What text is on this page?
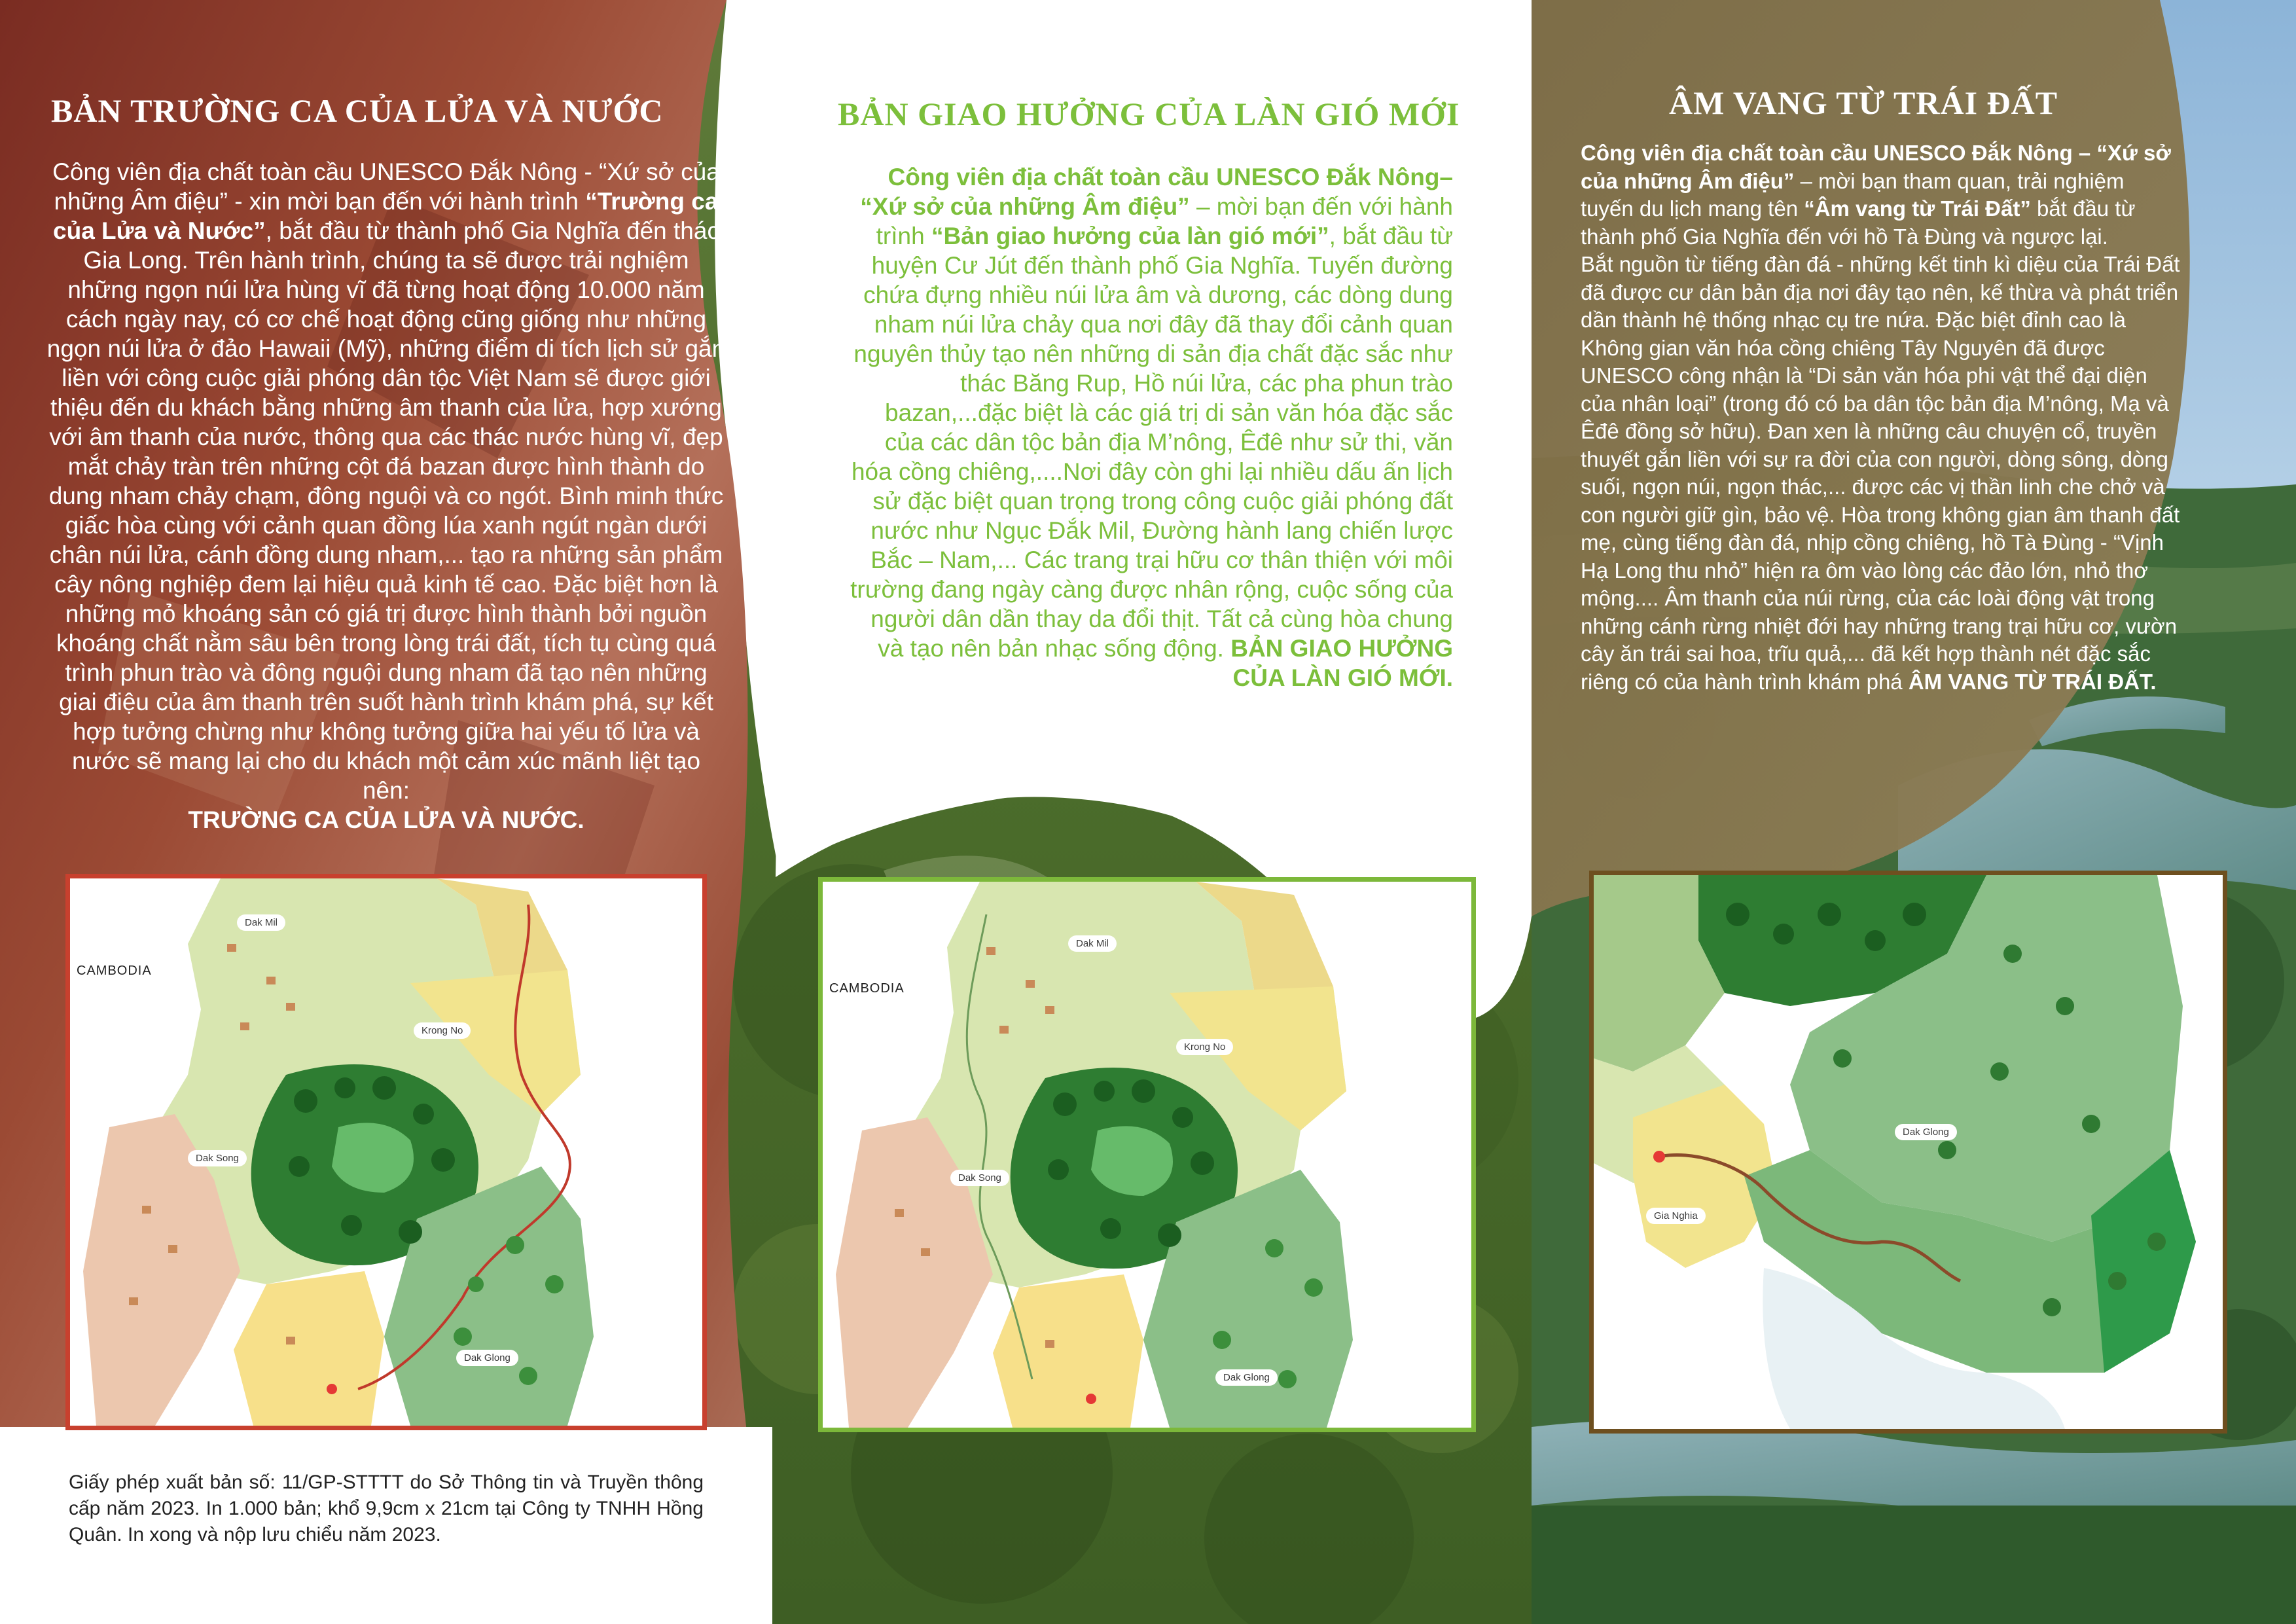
BẢN TRƯỜNG CA CỦA LỬA VÀ NƯỚC
Công viên địa chất toàn cầu UNESCO Đắk Nông - “Xứ sở của những Âm điệu” - xin mời bạn đến với hành trình “Trường ca của Lửa và Nước”, bắt đầu từ thành phố Gia Nghĩa đến thác Gia Long. Trên hành trình, chúng ta sẽ được trải nghiệm những ngọn núi lửa hùng vĩ đã từng hoạt động 10.000 năm cách ngày nay, có cơ chế hoạt động cũng giống như những ngọn núi lửa ở đảo Hawaii (Mỹ), những điểm di tích lịch sử gắn liền với công cuộc giải phóng dân tộc Việt Nam sẽ được giới thiệu đến du khách bằng những âm thanh của lửa, hợp xướng với âm thanh của nước, thông qua các thác nước hùng vĩ, đẹp mắt chảy tràn trên những cột đá bazan được hình thành do dung nham chảy chạm, đông nguội và co ngót. Bình minh thức giấc hòa cùng với cảnh quan đồng lúa xanh ngút ngàn dưới chân núi lửa, cánh đồng dung nham,... tạo ra những sản phẩm cây nông nghiệp đem lại hiệu quả kinh tế cao. Đặc biệt hơn là những mỏ khoáng sản có giá trị được hình thành bởi nguồn khoáng chất nằm sâu bên trong lòng trái đất, tích tụ cùng quá trình phun trào và đông nguội dung nham đã tạo nên những giai điệu của âm thanh trên suốt hành trình khám phá, sự kết hợp tưởng chừng như không tưởng giữa hai yếu tố lửa và nước sẽ mang lại cho du khách một cảm xúc mãnh liệt tạo nên:
TRƯỜNG CA CỦA LỬA VÀ NƯỚC.
CAMBODIA
Dak Mil
Krong No
Dak Song
Dak Glong
Giấy phép xuất bản số: 11/GP-STTTT do Sở Thông tin và Truyền thông cấp năm 2023. In 1.000 bản; khổ 9,9cm x 21cm tại Công ty TNHH Hồng Quân. In xong và nộp lưu chiểu năm 2023.
BẢN GIAO HƯỞNG CỦA LÀN GIÓ MỚI
Công viên địa chất toàn cầu UNESCO Đắk Nông– “Xứ sở của những Âm điệu” – mời bạn đến với hành trình “Bản giao hưởng của làn gió mới”, bắt đầu từ huyện Cư Jút đến thành phố Gia Nghĩa. Tuyến đường chứa đựng nhiều núi lửa âm và dương, các dòng dung nham núi lửa chảy qua nơi đây đã thay đổi cảnh quan nguyên thủy tạo nên những di sản địa chất đặc sắc như thác Băng Rup, Hồ núi lửa, các pha phun trào bazan,...đặc biệt là các giá trị di sản văn hóa đặc sắc của các dân tộc bản địa M’nông, Êđê như sử thi, văn hóa cồng chiêng,....Nơi đây còn ghi lại nhiều dấu ấn lịch sử đặc biệt quan trọng trong công cuộc giải phóng đất nước như Ngục Đắk Mil, Đường hành lang chiến lược Bắc – Nam,... Các trang trại hữu cơ thân thiện với môi trường đang ngày càng được nhân rộng, cuộc sống của người dân dần thay da đổi thịt. Tất cả cùng hòa chung và tạo nên bản nhạc sống động. BẢN GIAO HƯỞNG CỦA LÀN GIÓ MỚI.
CAMBODIA
Dak Mil
Krong No
Dak Song
Dak Glong
ÂM VANG TỪ TRÁI ĐẤT
Công viên địa chất toàn cầu UNESCO Đắk Nông – “Xứ sở của những Âm điệu” – mời bạn tham quan, trải nghiệm tuyến du lịch mang tên “Âm vang từ Trái Đất” bắt đầu từ thành phố Gia Nghĩa đến với hồ Tà Đùng và ngược lại.
Bắt nguồn từ tiếng đàn đá - những kết tinh kì diệu của Trái Đất đã được cư dân bản địa nơi đây tạo nên, kế thừa và phát triển dần thành hệ thống nhạc cụ tre nứa. Đặc biệt đỉnh cao là Không gian văn hóa cồng chiêng Tây Nguyên đã được UNESCO công nhận là “Di sản văn hóa phi vật thể đại diện của nhân loại” (trong đó có ba dân tộc bản địa M’nông, Mạ và Êđê đồng sở hữu). Đan xen là những câu chuyện cổ, truyền thuyết gắn liền với sự ra đời của con người, dòng sông, dòng suối, ngọn núi, ngọn thác,... được các vị thần linh che chở và con người giữ gìn, bảo vệ. Hòa trong không gian âm thanh đất mẹ, cùng tiếng đàn đá, nhịp cồng chiêng, hồ Tà Đùng - “Vịnh Hạ Long thu nhỏ” hiện ra ôm vào lòng các đảo lớn, nhỏ thơ mộng.... Âm thanh của núi rừng, của các loài động vật trong những cánh rừng nhiệt đới hay những trang trại hữu cơ, vườn cây ăn trái sai hoa, trĩu quả,... đã kết hợp thành nét đặc sắc riêng có của hành trình khám phá ÂM VANG TỪ TRÁI ĐẤT.
Dak Glong
Gia Nghia
